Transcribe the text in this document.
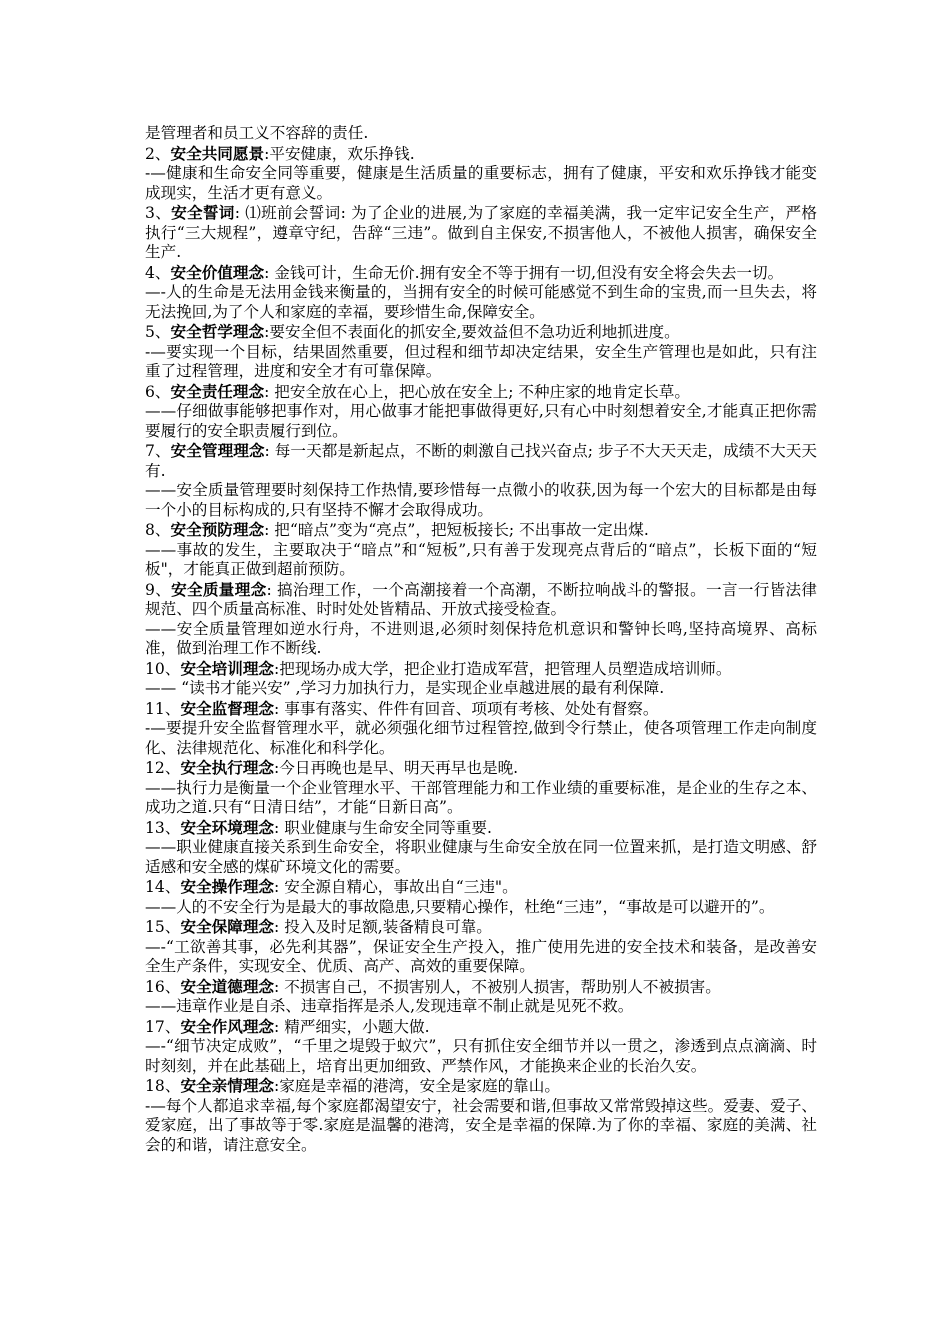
是管理者和员工义不容辞的责任.

2、安全共同愿景:平安健康，欢乐挣钱.

-—健康和生命安全同等重要，健康是生活质量的重要标志，拥有了健康，平安和欢乐挣钱才能变成现实，生活才更有意义。

3、安全誓词: ⑴班前会誓词: 为了企业的进展,为了家庭的幸福美满，我一定牢记安全生产，严格执行“三大规程”，遵章守纪，告辞“三违”。做到自主保安,不损害他人，不被他人损害，确保安全生产.

4、安全价值理念: 金钱可计，生命无价.拥有安全不等于拥有一切,但没有安全将会失去一切。

—-人的生命是无法用金钱来衡量的，当拥有安全的时候可能感觉不到生命的宝贵,而一旦失去，将无法挽回,为了个人和家庭的幸福，要珍惜生命,保障安全。

5、安全哲学理念:要安全但不表面化的抓安全,要效益但不急功近利地抓进度。

-—要实现一个目标，结果固然重要，但过程和细节却决定结果，安全生产管理也是如此，只有注重了过程管理，进度和安全才有可靠保障。

6、安全责任理念: 把安全放在心上，把心放在安全上; 不种庄家的地肯定长草。

——仔细做事能够把事作对，用心做事才能把事做得更好,只有心中时刻想着安全,才能真正把你需要履行的安全职责履行到位。

7、安全管理理念: 每一天都是新起点，不断的刺激自己找兴奋点; 步子不大天天走，成绩不大天天有.

——安全质量管理要时刻保持工作热情,要珍惜每一点微小的收获,因为每一个宏大的目标都是由每一个小的目标构成的,只有坚持不懈才会取得成功。

8、安全预防理念: 把“暗点”变为“亮点”，把短板接长; 不出事故一定出煤.

——事故的发生，主要取决于“暗点”和“短板”,只有善于发现亮点背后的“暗点”，长板下面的“短板"，才能真正做到超前预防。

9、安全质量理念: 搞治理工作，一个高潮接着一个高潮，不断拉响战斗的警报。一言一行皆法律规范、四个质量高标准、时时处处皆精品、开放式接受检查。

——安全质量管理如逆水行舟，不进则退,必须时刻保持危机意识和警钟长鸣,坚持高境界、高标准，做到治理工作不断线.

10、安全培训理念:把现场办成大学，把企业打造成军营，把管理人员塑造成培训师。

—— “读书才能兴安” ,学习力加执行力，是实现企业卓越进展的最有利保障.

11、安全监督理念: 事事有落实、件件有回音、项项有考核、处处有督察。

-—要提升安全监督管理水平，就必须强化细节过程管控,做到令行禁止，使各项管理工作走向制度化、法律规范化、标准化和科学化。

12、安全执行理念:今日再晚也是早、明天再早也是晚.

——执行力是衡量一个企业管理水平、干部管理能力和工作业绩的重要标准，是企业的生存之本、成功之道.只有“日清日结”，才能“日新日高”。

13、安全环境理念: 职业健康与生命安全同等重要.

——职业健康直接关系到生命安全，将职业健康与生命安全放在同一位置来抓，是打造文明感、舒适感和安全感的煤矿环境文化的需要。

14、安全操作理念: 安全源自精心，事故出自“三违"。

——人的不安全行为是最大的事故隐患,只要精心操作，杜绝“三违”，“事故是可以避开的”。

15、安全保障理念: 投入及时足额,装备精良可靠。

—-“工欲善其事，必先利其器”，保证安全生产投入，推广使用先进的安全技术和装备，是改善安全生产条件，实现安全、优质、高产、高效的重要保障。

16、安全道德理念: 不损害自己，不损害别人，不被别人损害，帮助别人不被损害。

——违章作业是自杀、违章指挥是杀人,发现违章不制止就是见死不救。

17、安全作风理念: 精严细实，小题大做.

—-“细节决定成败”，“千里之堤毁于蚁穴”，只有抓住安全细节并以一贯之，渗透到点点滴滴、时时刻刻，并在此基础上，培育出更加细致、严禁作风，才能换来企业的长治久安。

18、安全亲情理念:家庭是幸福的港湾，安全是家庭的靠山。

-—每个人都追求幸福,每个家庭都渴望安宁，社会需要和谐,但事故又常常毁掉这些。爱妻、爱子、爱家庭，出了事故等于零.家庭是温馨的港湾，安全是幸福的保障.为了你的幸福、家庭的美满、社会的和谐，请注意安全。
